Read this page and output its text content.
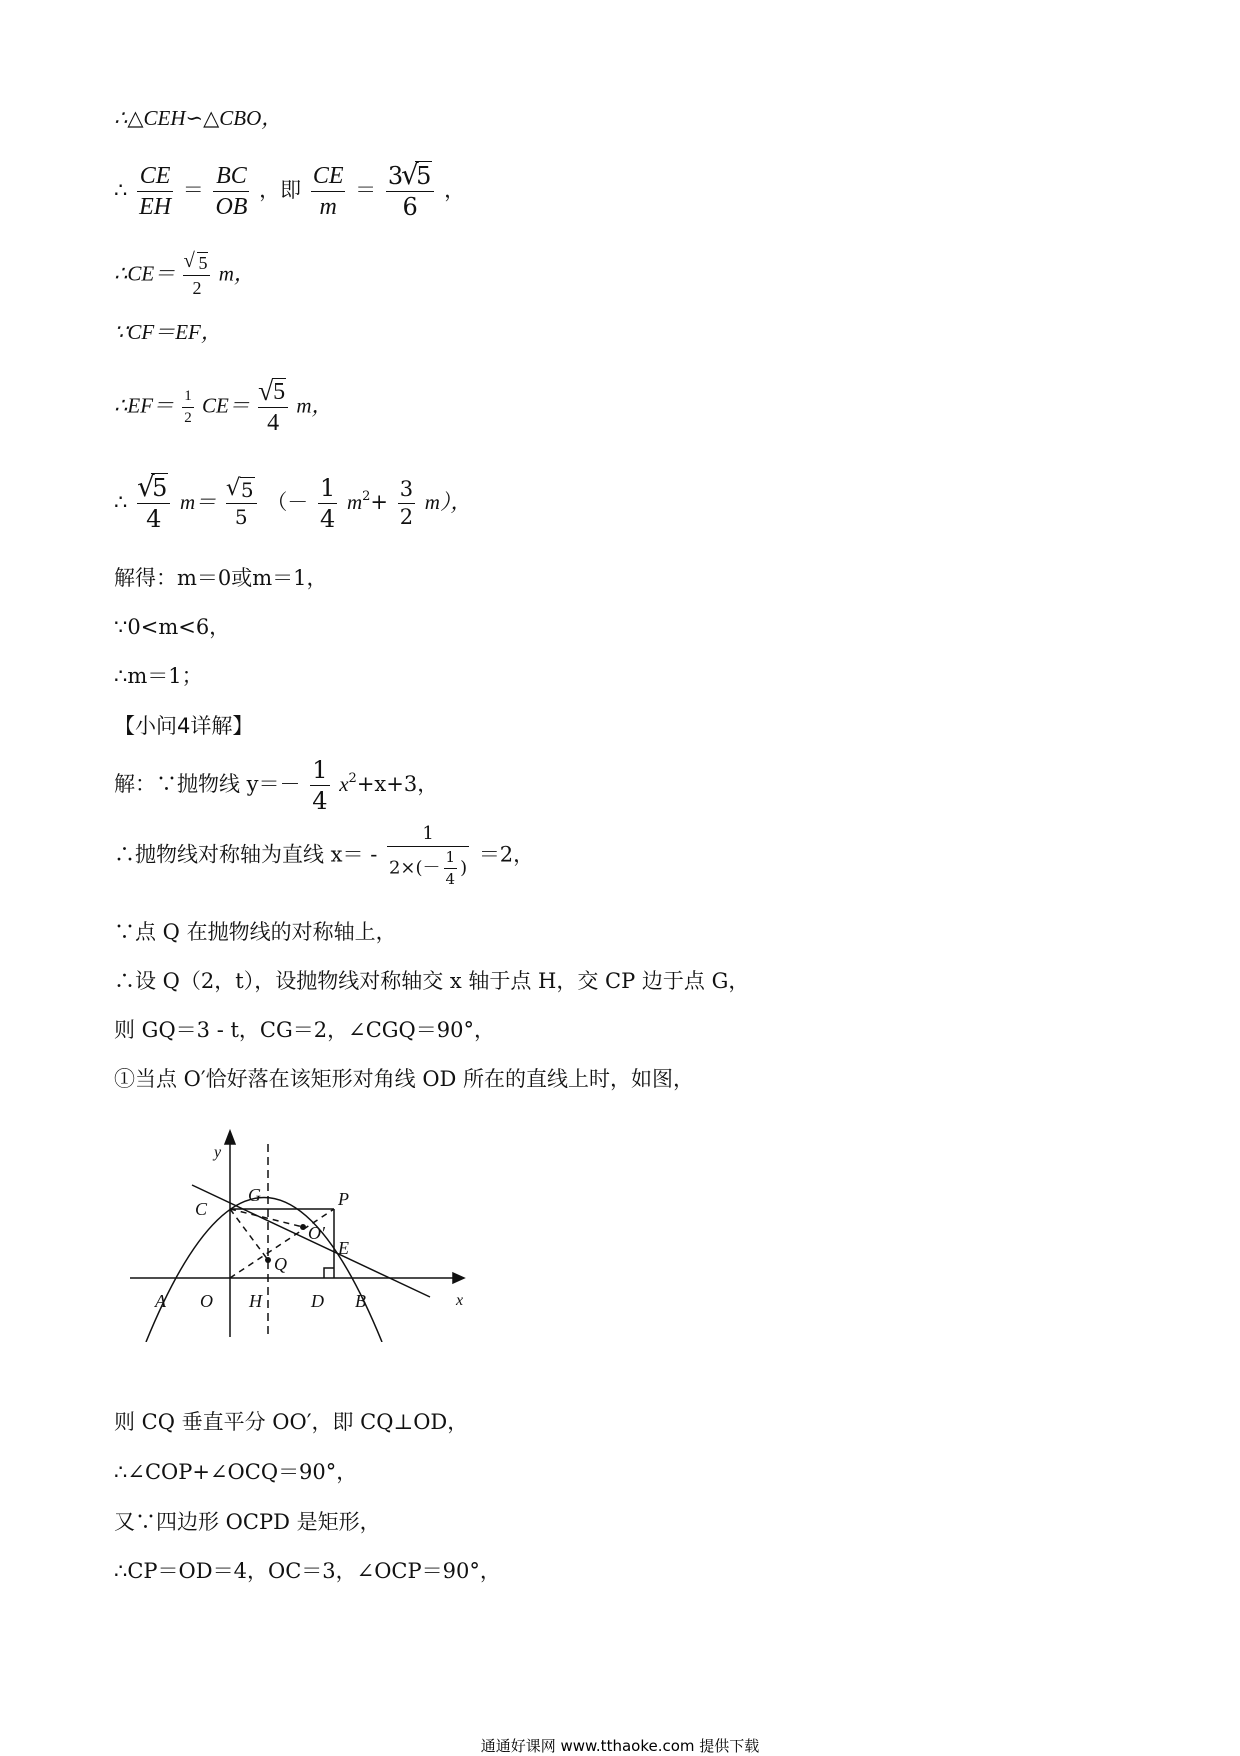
∴△CEH∽△CBO，
∴ $\frac{CE}{EH} = \frac{BC}{OB}$ ，即 $\frac{CE}{m} = \frac{3 √ 5}{6}$ ，
∴CE＝ √ $\frac{5}{2}$ m，
∵CF＝EF，
∴EF＝ $\frac{1}{2} CE=$ √ $\frac{5}{4}$ m，
∴ √ $\frac{5}{4} m=$ √ $\frac{5}{5}$ （－ $\frac{1}{4} m^2+ \frac{3}{2} m$），
解得：m＝0或m＝1，
∵0<m<6，
∴m＝1；
【小问4详解】
解：∵抛物线 $y=- \frac{1}{4} x^2+x+3$，
∴抛物线对称轴为直线 $x= - \frac{1}{2\times(- \frac{1}{4} )} =2$，
∵点 Q 在抛物线的对称轴上，
∴设 Q（2，t），设抛物线对称轴交 x 轴于点 H，交 CP 边于点 G，
则 GQ＝3 - t，CG＝2，∠CGQ＝90°，
①当点 O′恰好落在该矩形对角线 OD 所在的直线上时，如图，
y
x
C
G	P
O′
E
Q
A O H	D B
则 CQ 垂直平分 OO′，即 CQ⊥OD，
∴∠COP+∠OCQ＝90°，
又∵四边形 OCPD 是矩形，
∴CP＝OD＝4，OC＝3，∠OCP＝90°，
通通好课网 www.tthaoke.com 提供下载
